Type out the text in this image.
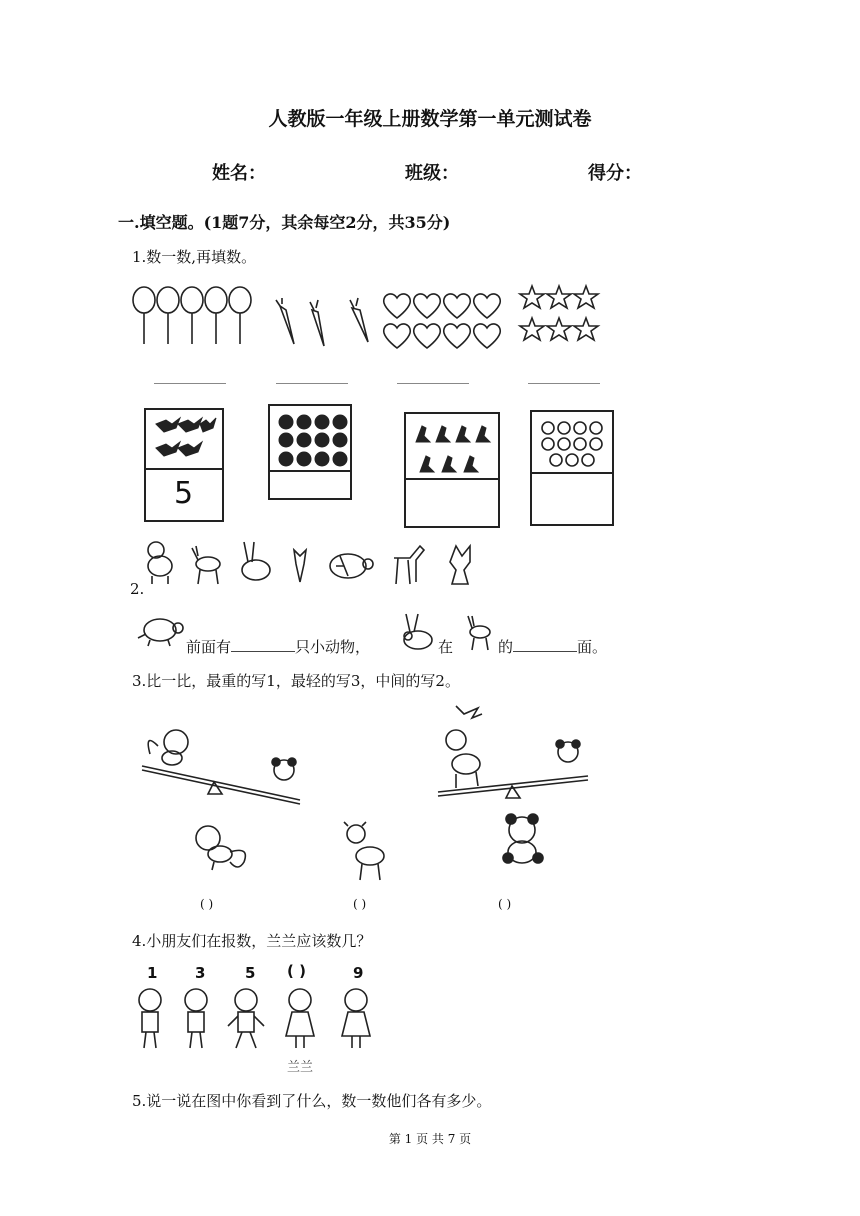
人教版一年级上册数学第一单元测试卷
姓名：	班级：	得分：
一.填空题。(1题7分，其余每空2分，共35分)
1.数一数,再填数。
5
2.
前面有	只小动物，	在	的	面。
3.比一比，最重的写1，最轻的写3，中间的写2。
( )	( )	( )
4.小朋友们在报数，兰兰应该数几？
1	3	5 ( )	9
兰兰
5.说一说在图中你看到了什么，数一数他们各有多少。
第 1 页 共 7 页
